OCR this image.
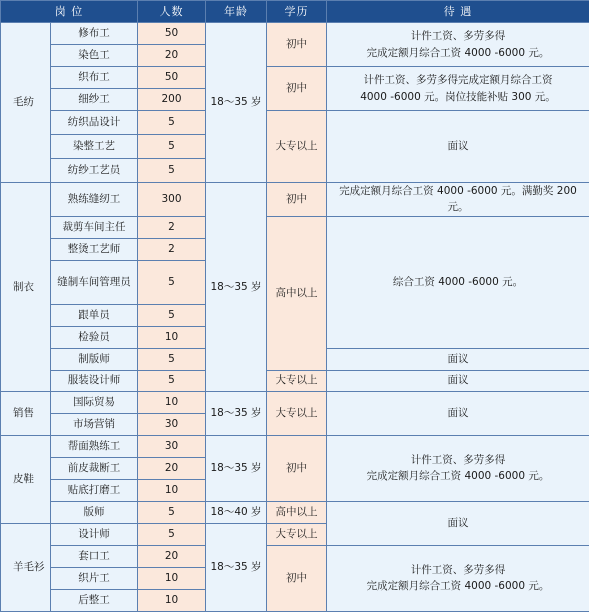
岗 位		人数	年龄	学历	待 遇
毛纺	修布工	50	18～35 岁	初中	计件工资、多劳多得
完成定额月综合工资 4000 -6000 元。
	染色工	20			
	织布工	50		初中	计件工资、多劳多得完成定额月综合工资
4000 -6000 元。岗位技能补贴 300 元。
	细纱工	200			
	纺织品设计	5		大专以上	面议
	染整工艺	5			
	纺纱工艺员	5			
制衣	熟练缝纫工	300	18～35 岁	初中	完成定额月综合工资 4000 -6000 元。满勤奖 200 元。
	裁剪车间主任	2		高中以上	综合工资 4000 -6000 元。
	整烫工艺师	2			
	缝制车间管理员	5			
	跟单员	5			
	检验员	10			
	制版师	5			面议
	服装设计师	5		大专以上	面议
销售	国际贸易	10	18～35 岁	大专以上	面议
	市场营销	30			
皮鞋	帮面熟练工	30	18～35 岁	初中	计件工资、多劳多得
完成定额月综合工资 4000 -6000 元。
	前皮裁断工	20			
	贴底打磨工	10			
	版师	5	18～40 岁	高中以上	面议
羊毛衫	设计师	5	18～35 岁	大专以上	
	套口工	20		初中	计件工资、多劳多得
完成定额月综合工资 4000 -6000 元。
	织片工	10			
	后整工	10			
